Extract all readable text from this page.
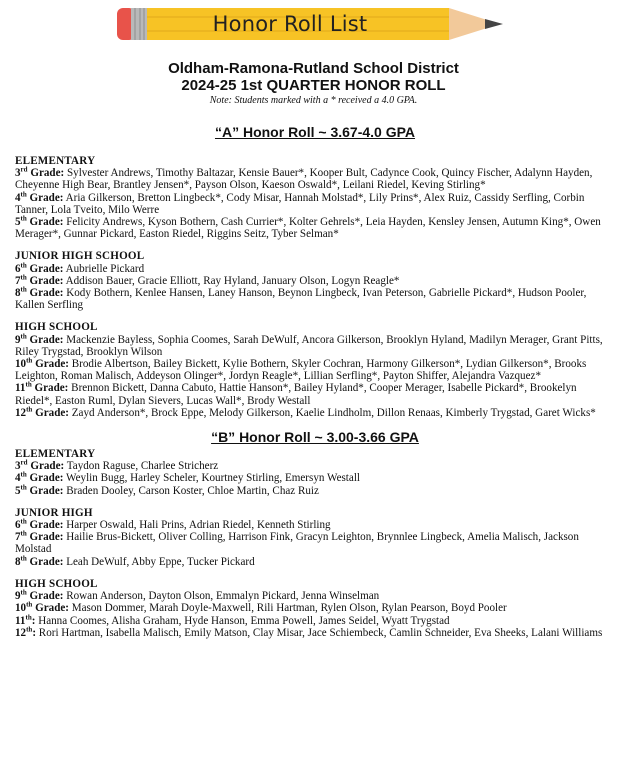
Honor Roll List
Oldham-Ramona-Rutland School District
2024-25 1st QUARTER HONOR ROLL
Note: Students marked with a * received a 4.0 GPA.
“A” Honor Roll ~ 3.67-4.0 GPA
ELEMENTARY

3rd Grade: Sylvester Andrews, Timothy Baltazar, Kensie Bauer*, Kooper Bult, Cadynce Cook, Quincy Fischer, Adalynn Hayden, Cheyenne High Bear, Brantley Jensen*, Payson Olson, Kaeson Oswald*, Leilani Riedel, Keving Stirling*

4th Grade: Aria Gilkerson, Bretton Lingbeck*, Cody Misar, Hannah Molstad*, Lily Prins*, Alex Ruiz, Cassidy Serfling, Corbin Tanner, Lola Tveito, Milo Werre

5th Grade: Felicity Andrews, Kyson Bothern, Cash Currier*, Kolter Gehrels*, Leia Hayden, Kensley Jensen, Autumn King*, Owen Merager*, Gunnar Pickard, Easton Riedel, Riggins Seitz, Tyber Selman*

JUNIOR HIGH SCHOOL

6th Grade: Aubrielle Pickard

7th Grade: Addison Bauer, Gracie Elliott, Ray Hyland, January Olson, Logyn Reagle*

8th Grade: Kody Bothern, Kenlee Hansen, Laney Hanson, Beynon Lingbeck, Ivan Peterson, Gabrielle Pickard*, Hudson Pooler, Kallen Serfling

HIGH SCHOOL

9th Grade: Mackenzie Bayless, Sophia Coomes, Sarah DeWulf, Ancora Gilkerson, Brooklyn Hyland, Madilyn Merager, Grant Pitts, Riley Trygstad, Brooklyn Wilson

10th Grade: Brodie Albertson, Bailey Bickett, Kylie Bothern, Skyler Cochran, Harmony Gilkerson*, Lydian Gilkerson*, Brooks Leighton, Roman Malisch, Addeyson Olinger*, Jordyn Reagle*, Lillian Serfling*, Payton Shiffer, Alejandra Vazquez*

11th Grade: Brennon Bickett, Danna Cabuto, Hattie Hanson*, Bailey Hyland*, Cooper Merager, Isabelle Pickard*, Brookelyn Riedel*, Easton Ruml, Dylan Sievers, Lucas Wall*, Brody Westall

12th Grade: Zayd Anderson*, Brock Eppe, Melody Gilkerson, Kaelie Lindholm, Dillon Renaas, Kimberly Trygstad, Garet Wicks*

“B” Honor Roll ~ 3.00-3.66 GPA
ELEMENTARY

3rd Grade: Taydon Raguse, Charlee Stricherz

4th Grade: Weylin Bugg, Harley Scheler, Kourtney Stirling, Emersyn Westall

5th Grade: Braden Dooley, Carson Koster, Chloe Martin, Chaz Ruiz

JUNIOR HIGH

6th Grade: Harper Oswald, Hali Prins, Adrian Riedel, Kenneth Stirling

7th Grade: Hailie Brus-Bickett, Oliver Colling, Harrison Fink, Gracyn Leighton, Brynnlee Lingbeck, Amelia Malisch, Jackson Molstad

8th Grade: Leah DeWulf, Abby Eppe, Tucker Pickard

HIGH SCHOOL

9th Grade: Rowan Anderson, Dayton Olson, Emmalyn Pickard, Jenna Winselman

10th Grade: Mason Dommer, Marah Doyle-Maxwell, Rili Hartman, Rylen Olson, Rylan Pearson, Boyd Pooler

11th: Hanna Coomes, Alisha Graham, Hyde Hanson, Emma Powell, James Seidel, Wyatt Trygstad

12th: Rori Hartman, Isabella Malisch, Emily Matson, Clay Misar, Jace Schiembeck, Camlin Schneider, Eva Sheeks, Lalani Williams
